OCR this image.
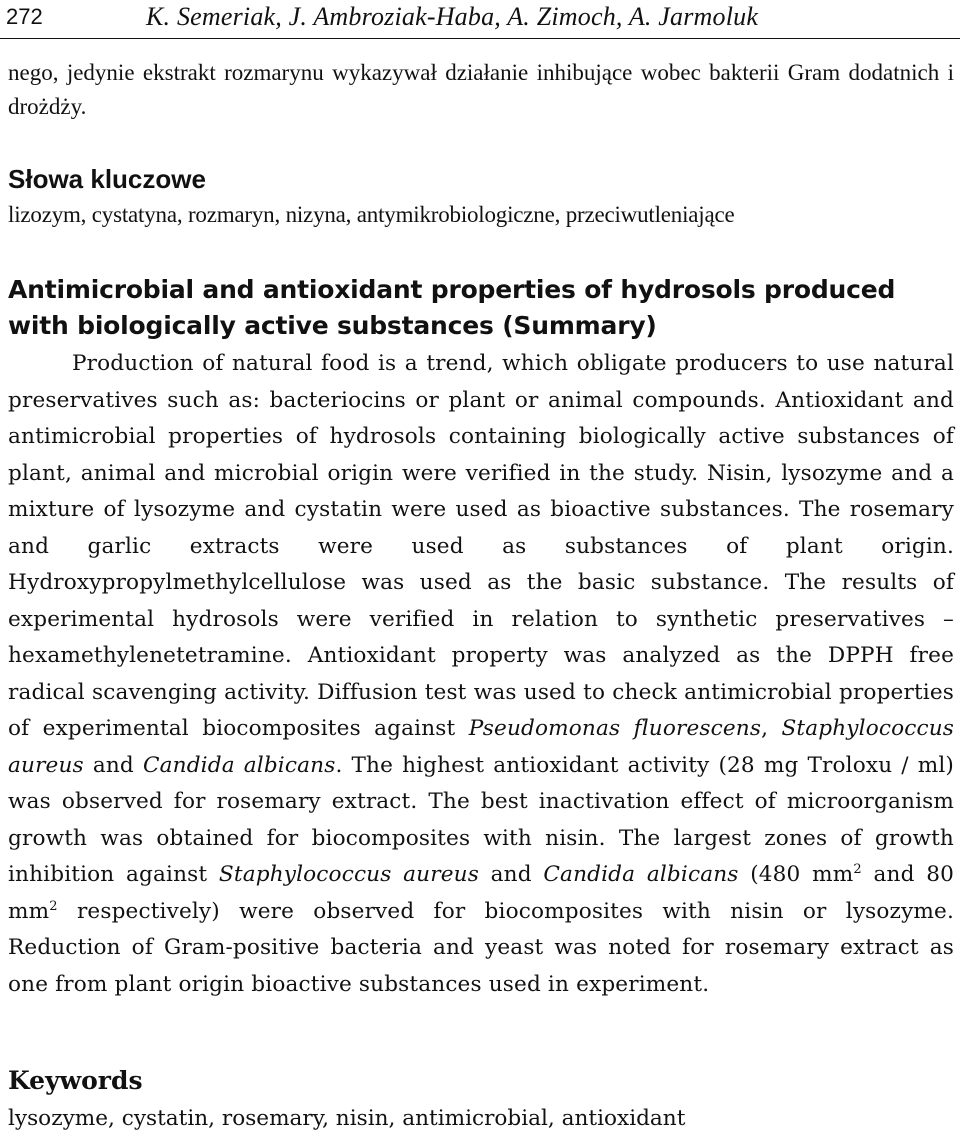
272	K. Semeriak, J. Ambroziak-Haba, A. Zimoch, A. Jarmoluk
nego, jedynie ekstrakt rozmarynu wykazywał działanie inhibujące wobec bakterii Gram dodatnich i drożdży.
Słowa kluczowe
lizozym, cystatyna, rozmaryn, nizyna, antymikrobiologiczne, przeciwutleniające
Antimicrobial and antioxidant properties of hydrosols produced with biologically active substances (Summary)
Production of natural food is a trend, which obligate producers to use natural preservatives such as: bacteriocins or plant or animal compounds. Antioxidant and antimicrobial properties of hydrosols containing biologically active substances of plant, animal and microbial origin were verified in the study. Nisin, lysozyme and a mixture of lysozyme and cystatin were used as bioactive substances. The rosemary and garlic extracts were used as substances of plant origin. Hydroxypropylmethylcellulose was used as the basic substance. The results of experimental hydrosols were verified in relation to synthetic preservatives – hexamethylenetetramine. Antioxidant property was analyzed as the DPPH free radical scavenging activity. Diffusion test was used to check antimicrobial properties of experimental biocomposites against Pseudomonas fluorescens, Staphylococcus aureus and Candida albicans. The highest antioxidant activity (28 mg Troloxu / ml) was observed for rosemary extract. The best inactivation effect of microorganism growth was obtained for biocomposites with nisin. The largest zones of growth inhibition against Staphylococcus aureus and Candida albicans (480 $mm^2$ and 80 $mm^2$ respectively) were observed for biocomposites with nisin or lysozyme. Reduction of Gram-positive bacteria and yeast was noted for rosemary extract as one from plant origin bioactive substances used in experiment.
Keywords
lysozyme, cystatin, rosemary, nisin, antimicrobial, antioxidant
